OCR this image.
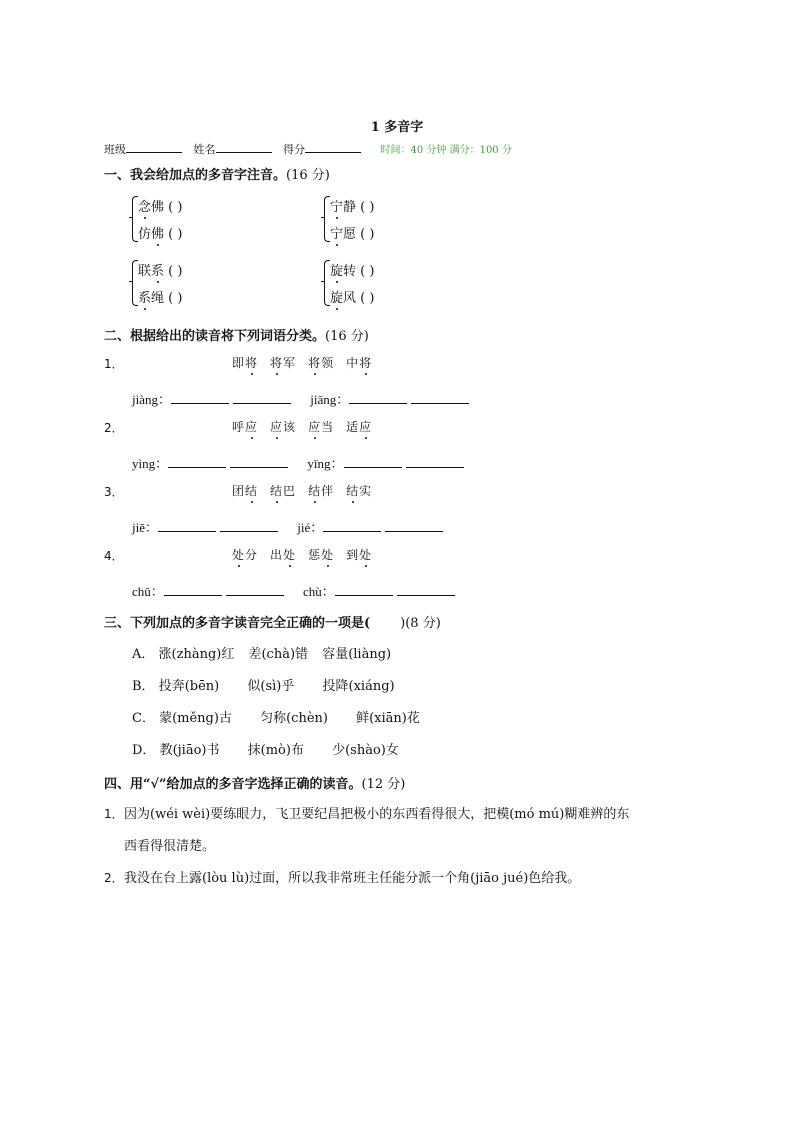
1 多音字
班级	姓名	得分	时间：40 分钟 满分：100 分
一、我会给加点的多音字注音。(16 分)
念佛 ( )
仿佛 ( )
宁静 ( )
宁愿 ( )
联系 ( )
系绳 ( )
旋转 ( )
旋风 ( )
二、根据给出的读音将下列词语分类。(16 分)
1．	即将 将军 将领 中将
jiàng：	jiāng：
2．	呼应 应该 应当 适应
yìng：	yīng：
3．	团结 结巴 结伴 结实
jiē：	jié：
4．	处分 出处 惩处 到处
chǔ：	chù：
三、下列加点的多音字读音完全正确的一项是( )(8 分)
A． 涨(zhàng)红 差(chà)错 容量(liàng)
B． 投奔(bēn) 似(sì)乎 投降(xiáng)
C． 蒙(měng)古 匀称(chèn) 鲜(xiān)花
D． 教(jiāo)书 抹(mò)布 少(shào)女
四、用“√”给加点的多音字选择正确的读音。(12 分)
1． 因为(wéi wèi)要练眼力，飞卫要纪昌把极小的东西看得很大，把模(mó mú)糊难辨的东
西看得很清楚。
2． 我没在台上露(lòu lù)过面，所以我非常班主任能分派一个角(jiāo jué)色给我。
